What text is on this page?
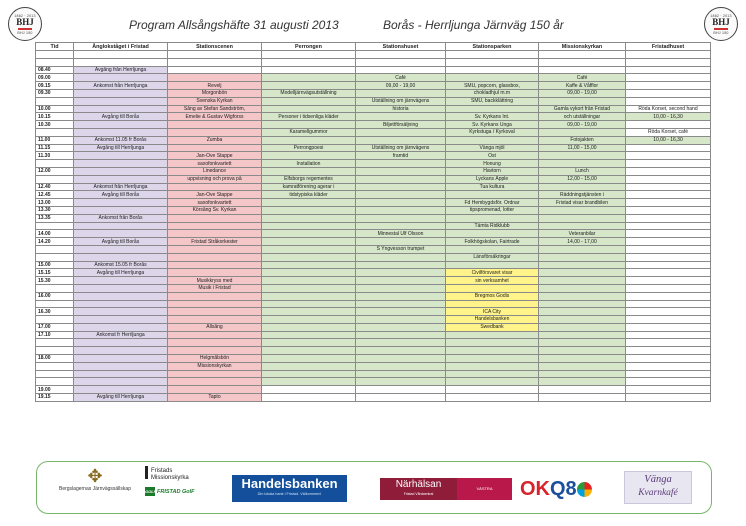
1862 · 2013
BHJ
BHJ 150
1862 · 2013
BHJ
BHJ 150
Program Allsångshäfte 31 augusti 2013	Borås - Herrljunga Järnväg 150 år
Tid	Ånglokståget i Fristad	Stationscenen	Perrongen	Stationshuset	Stationsparken	Missionskyrkan	Fristadhuset

08.40	Avgång från Herrljunga						
09.00				Café		Café	
09.15	Ankomst från Herrljunga	Revelj		09,00 - 19,00	SMU, popcorn, glassbox,	Kaffe & Våfflor	
09.30		Morgonbön	Modelljärnvägsutställning		chokladhjul m.m	09,00 - 19,00	
		Svenska Kyrkan		Utställning om järnvägens	SMU, backklättring		
10.00		Sång av Stefan Sandström,		historia		Gamla vykort från Fristad	Röda Korset, second hand
10.15	Avgång till Borås	Emelie & Gustav Wigforss	Personer i tidsenliga kläder		Sv. Kyrkans Int.	och utställningar	10,00 - 16,30
10.30				Biljettförsäljning	Sv. Kyrkans Unga	09,00 - 19,00	
			Karamellgummor		Kyrkstuga / Kyrkoval		Röda Korset, café
11.00	Ankomst 11.05 fr Borås	Zumba				Fotojakten	10,00 - 16,30
11.15	Avgång till Herrljunga		Perrongpoesi	Utställning om järnvägens	Vänga mjöl	11,00 - 15,00	
11.30		Jan-Ove Stappe		framtid	Ost		
		saxofonkvartett	Installation		Honung		
12.00		Linedance			Havtorn	Lunch	
		uppvisning och prova på	Elfsborgs regementes		Lyckans Äpple	12,00 - 15,00	
12.40	Ankomst från Herrljunga		kamratförening agerar i		Tua kultura		
12.45	Avgång till Borås	Jan-Ove Stappe	tidstypiska kläder			Räddningstjänsten i	
13.00		saxofonkvartett			Fd Hembygdsför. Ordnar	Fristad visar brandbilen	
13.30		Körsång Sv. Kyrkan			tipspromenad, lotter		
13.35	Ankomst från Borås						
					Tämta Ridklubb		
14.00				Minnestal Ulf Olsson		Veteranbilar	
14.20	Avgång till Borås	Fristad Stråkorkester			Folkhögskolan, Fairtrade	14,00 - 17,00	
				S Yngvesson trumpet			
					Länsförsäkringar		
15.00	Ankomst 15.05 fr Borås						
15.15	Avgång till Herrljunga				Civilförsvaret visar		
15.30		Musikkryss med			sin verksamhet		
		Musik i Fristad					
16.00					Bregmos Godis		

16.30					ICA City		
					Handelsbanken		
17.00		Allsång			Swedbank		
17.10	Ankomst fr Herrljunga						

18.00		Helgmålsbön					
		Missionskyrkan					

19.00							
19.15	Avgång till Herrljunga	Tapto					
✥
Bergslagernas Järnvägssällskap
Fristads
Missionskyrka
GOLFFRISTAD GolF
Handelsbanken
Din lokala bank i Fristad. Välkommen!
Närhälsan
Fristad Vårdcentral
VÄSTRA GÖTALANDSREGIONEN
OKQ8	Vänga
Kvarnkafé
